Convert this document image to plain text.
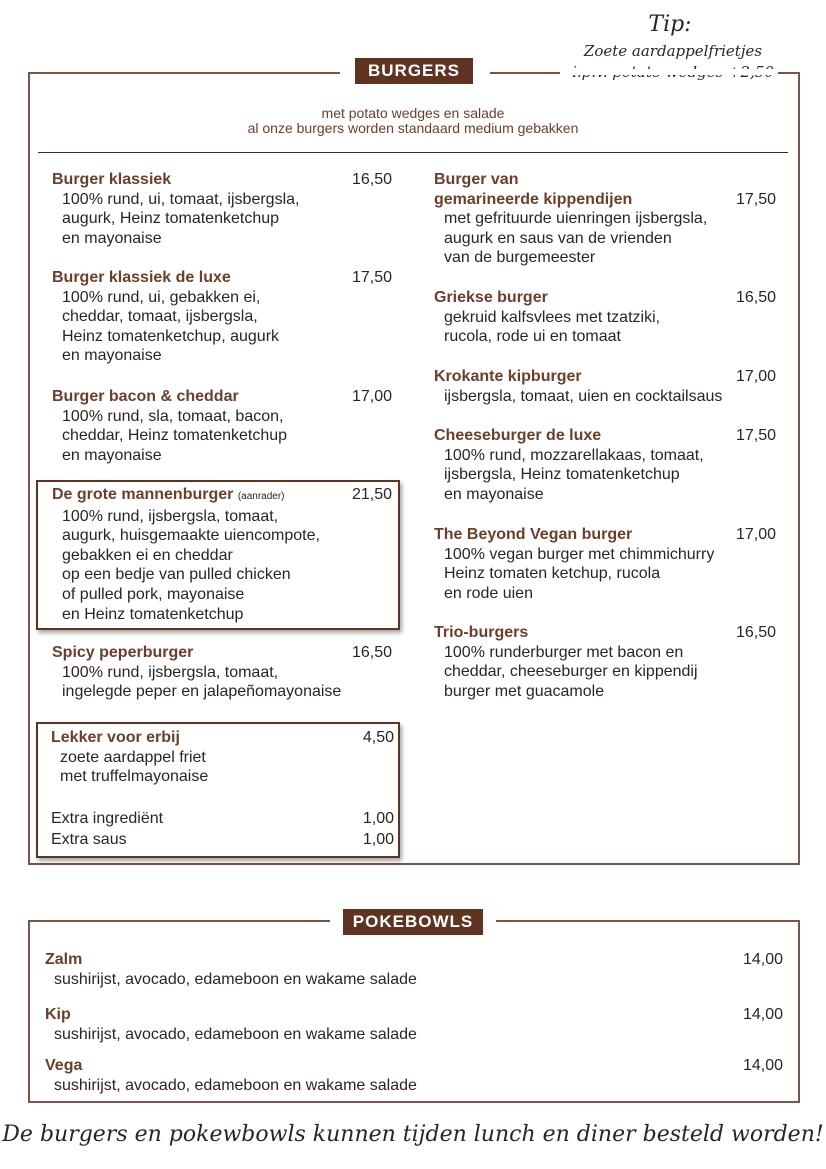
Tip:
Zoete aardappelfrietjes
BURGERS
met potato wedges en salade
al onze burgers worden standaard medium gebakken
Burger klassiek	16,50
100% rund, ui, tomaat, ijsbergsla,
augurk, Heinz tomatenketchup
en mayonaise
Burger klassiek de luxe	17,50
100% rund, ui, gebakken ei,
cheddar, tomaat, ijsbergsla,
Heinz tomatenketchup, augurk
en mayonaise
Burger bacon & cheddar	17,00
100% rund, sla, tomaat, bacon,
cheddar, Heinz tomatenketchup
en mayonaise
De grote mannenburger (aanrader)	21,50
100% rund, ijsbergsla, tomaat,
augurk, huisgemaakte uiencompote,
gebakken ei en cheddar
op een bedje van pulled chicken
of pulled pork, mayonaise
en Heinz tomatenketchup
Spicy peperburger	16,50
100% rund, ijsbergsla, tomaat,
ingelegde peper en jalapeñomayonaise
Lekker voor erbij	4,50
zoete aardappel friet
met truffelmayonaise
Extra ingrediënt	1,00
Extra saus	1,00
Burger van
gemarineerde kippendijen	17,50
met gefrituurde uienringen ijsbergsla,
augurk en saus van de vrienden
van de burgemeester
Griekse burger	16,50
gekruid kalfsvlees met tzatziki,
rucola, rode ui en tomaat
Krokante kipburger	17,00
ijsbergsla, tomaat, uien en cocktailsaus
Cheeseburger de luxe	17,50
100% rund, mozzarellakaas, tomaat,
ijsbergsla, Heinz tomatenketchup
en mayonaise
The Beyond Vegan burger	17,00
100% vegan burger met chimmichurry
Heinz tomaten ketchup, rucola
en rode uien
Trio-burgers	16,50
100% runderburger met bacon en
cheddar, cheeseburger en kippendij
burger met guacamole
POKEBOWLS
Zalm	14,00
sushirijst, avocado, edameboon en wakame salade
Kip	14,00
sushirijst, avocado, edameboon en wakame salade
Vega	14,00
sushirijst, avocado, edameboon en wakame salade
De burgers en pokewbowls kunnen tijden lunch en diner besteld worden!
